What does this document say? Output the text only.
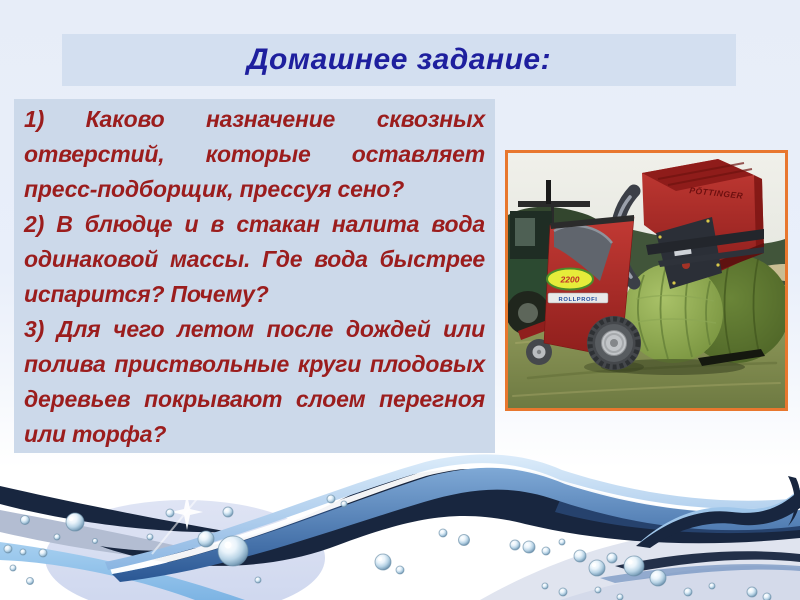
Домашнее задание:

1) Каково назначение сквозных отверстий, которые оставляет пресс-подборщик, прессуя сено?

2) В блюдце и в стакан налита вода одинаковой массы. Где вода быстрее испарится? Почему?

3) Для чего летом после дождей или полива приствольные круги плодовых деревьев покрывают слоем перегноя или торфа?

PÖTTINGER
2200
ROLLPROFI
